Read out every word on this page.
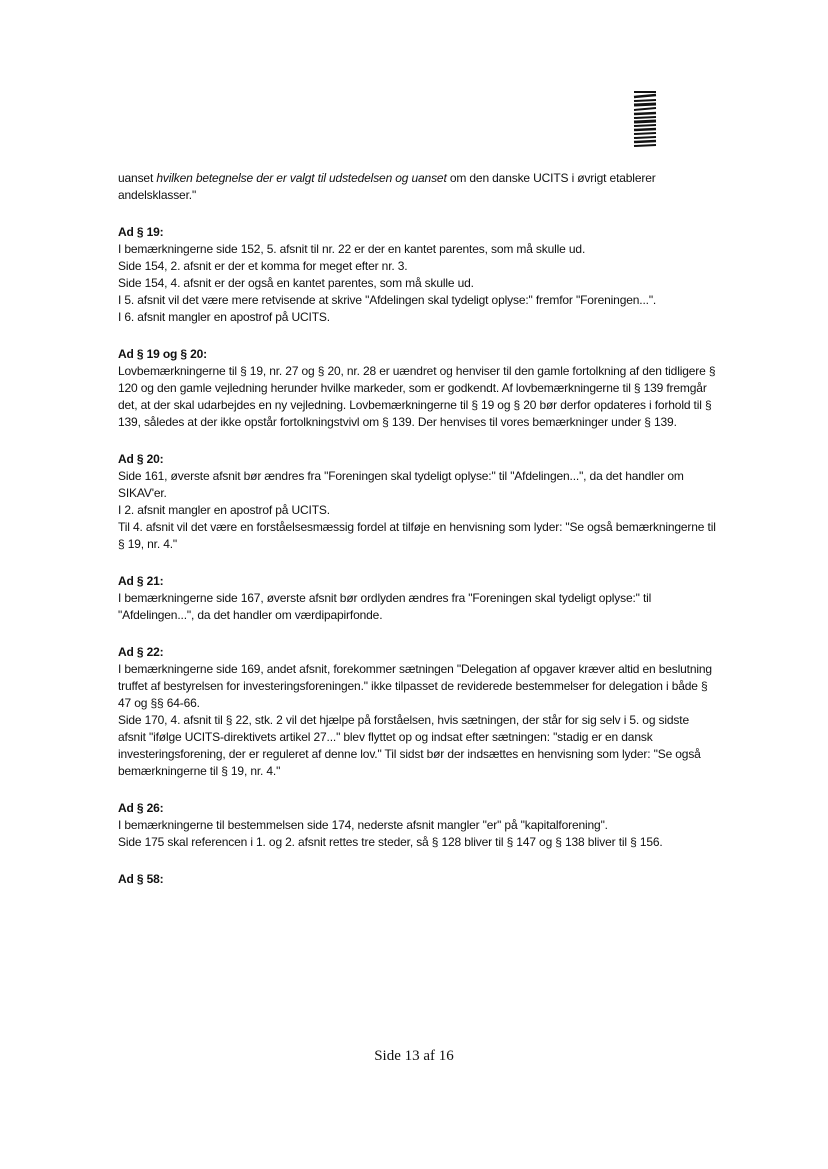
uanset hvilken betegnelse der er valgt til udstedelsen og uanset om den danske UCITS i øvrigt etablerer andelsklasser."

Ad § 19:

I bemærkningerne side 152, 5. afsnit til nr. 22 er der en kantet parentes, som må skulle ud.

Side 154, 2. afsnit er der et komma for meget efter nr. 3.

Side 154, 4. afsnit er der også en kantet parentes, som må skulle ud.

I 5. afsnit vil det være mere retvisende at skrive "Afdelingen skal tydeligt oplyse:" fremfor "Foreningen...".

I 6. afsnit mangler en apostrof på UCITS.

Ad § 19 og § 20:

Lovbemærkningerne til § 19, nr. 27 og § 20, nr. 28 er uændret og henviser til den gamle fortolkning af den tidligere § 120 og den gamle vejledning herunder hvilke markeder, som er godkendt. Af lovbemærkningerne til § 139 fremgår det, at der skal udarbejdes en ny vejledning. Lovbemærkningerne til § 19 og § 20 bør derfor opdateres i forhold til § 139, således at der ikke opstår fortolkningstvivl om § 139. Der henvises til vores bemærkninger under § 139.

Ad § 20:

Side 161, øverste afsnit bør ændres fra "Foreningen skal tydeligt oplyse:" til "Afdelingen...", da det handler om SIKAV'er.

I 2. afsnit mangler en apostrof på UCITS.

Til 4. afsnit vil det være en forståelsesmæssig fordel at tilføje en henvisning som lyder: "Se også bemærkningerne til § 19, nr. 4."

Ad § 21:

I bemærkningerne side 167, øverste afsnit bør ordlyden ændres fra "Foreningen skal tydeligt oplyse:" til "Afdelingen...", da det handler om værdipapirfonde.

Ad § 22:

I bemærkningerne side 169, andet afsnit, forekommer sætningen "Delegation af opgaver kræver altid en beslutning truffet af bestyrelsen for investeringsforeningen." ikke tilpasset de reviderede bestemmelser for delegation i både § 47 og §§ 64-66.

Side 170, 4. afsnit til § 22, stk. 2 vil det hjælpe på forståelsen, hvis sætningen, der står for sig selv i 5. og sidste afsnit "ifølge UCITS-direktivets artikel 27..." blev flyttet op og indsat efter sætningen: "stadig er en dansk investeringsforening, der er reguleret af denne lov." Til sidst bør der indsættes en henvisning som lyder: "Se også bemærkningerne til § 19, nr. 4."

Ad § 26:

I bemærkningerne til bestemmelsen side 174, nederste afsnit mangler "er" på "kapitalforening".

Side 175 skal referencen i 1. og 2. afsnit rettes tre steder, så § 128 bliver til § 147 og § 138 bliver til § 156.

Ad § 58:
Side 13 af 16
